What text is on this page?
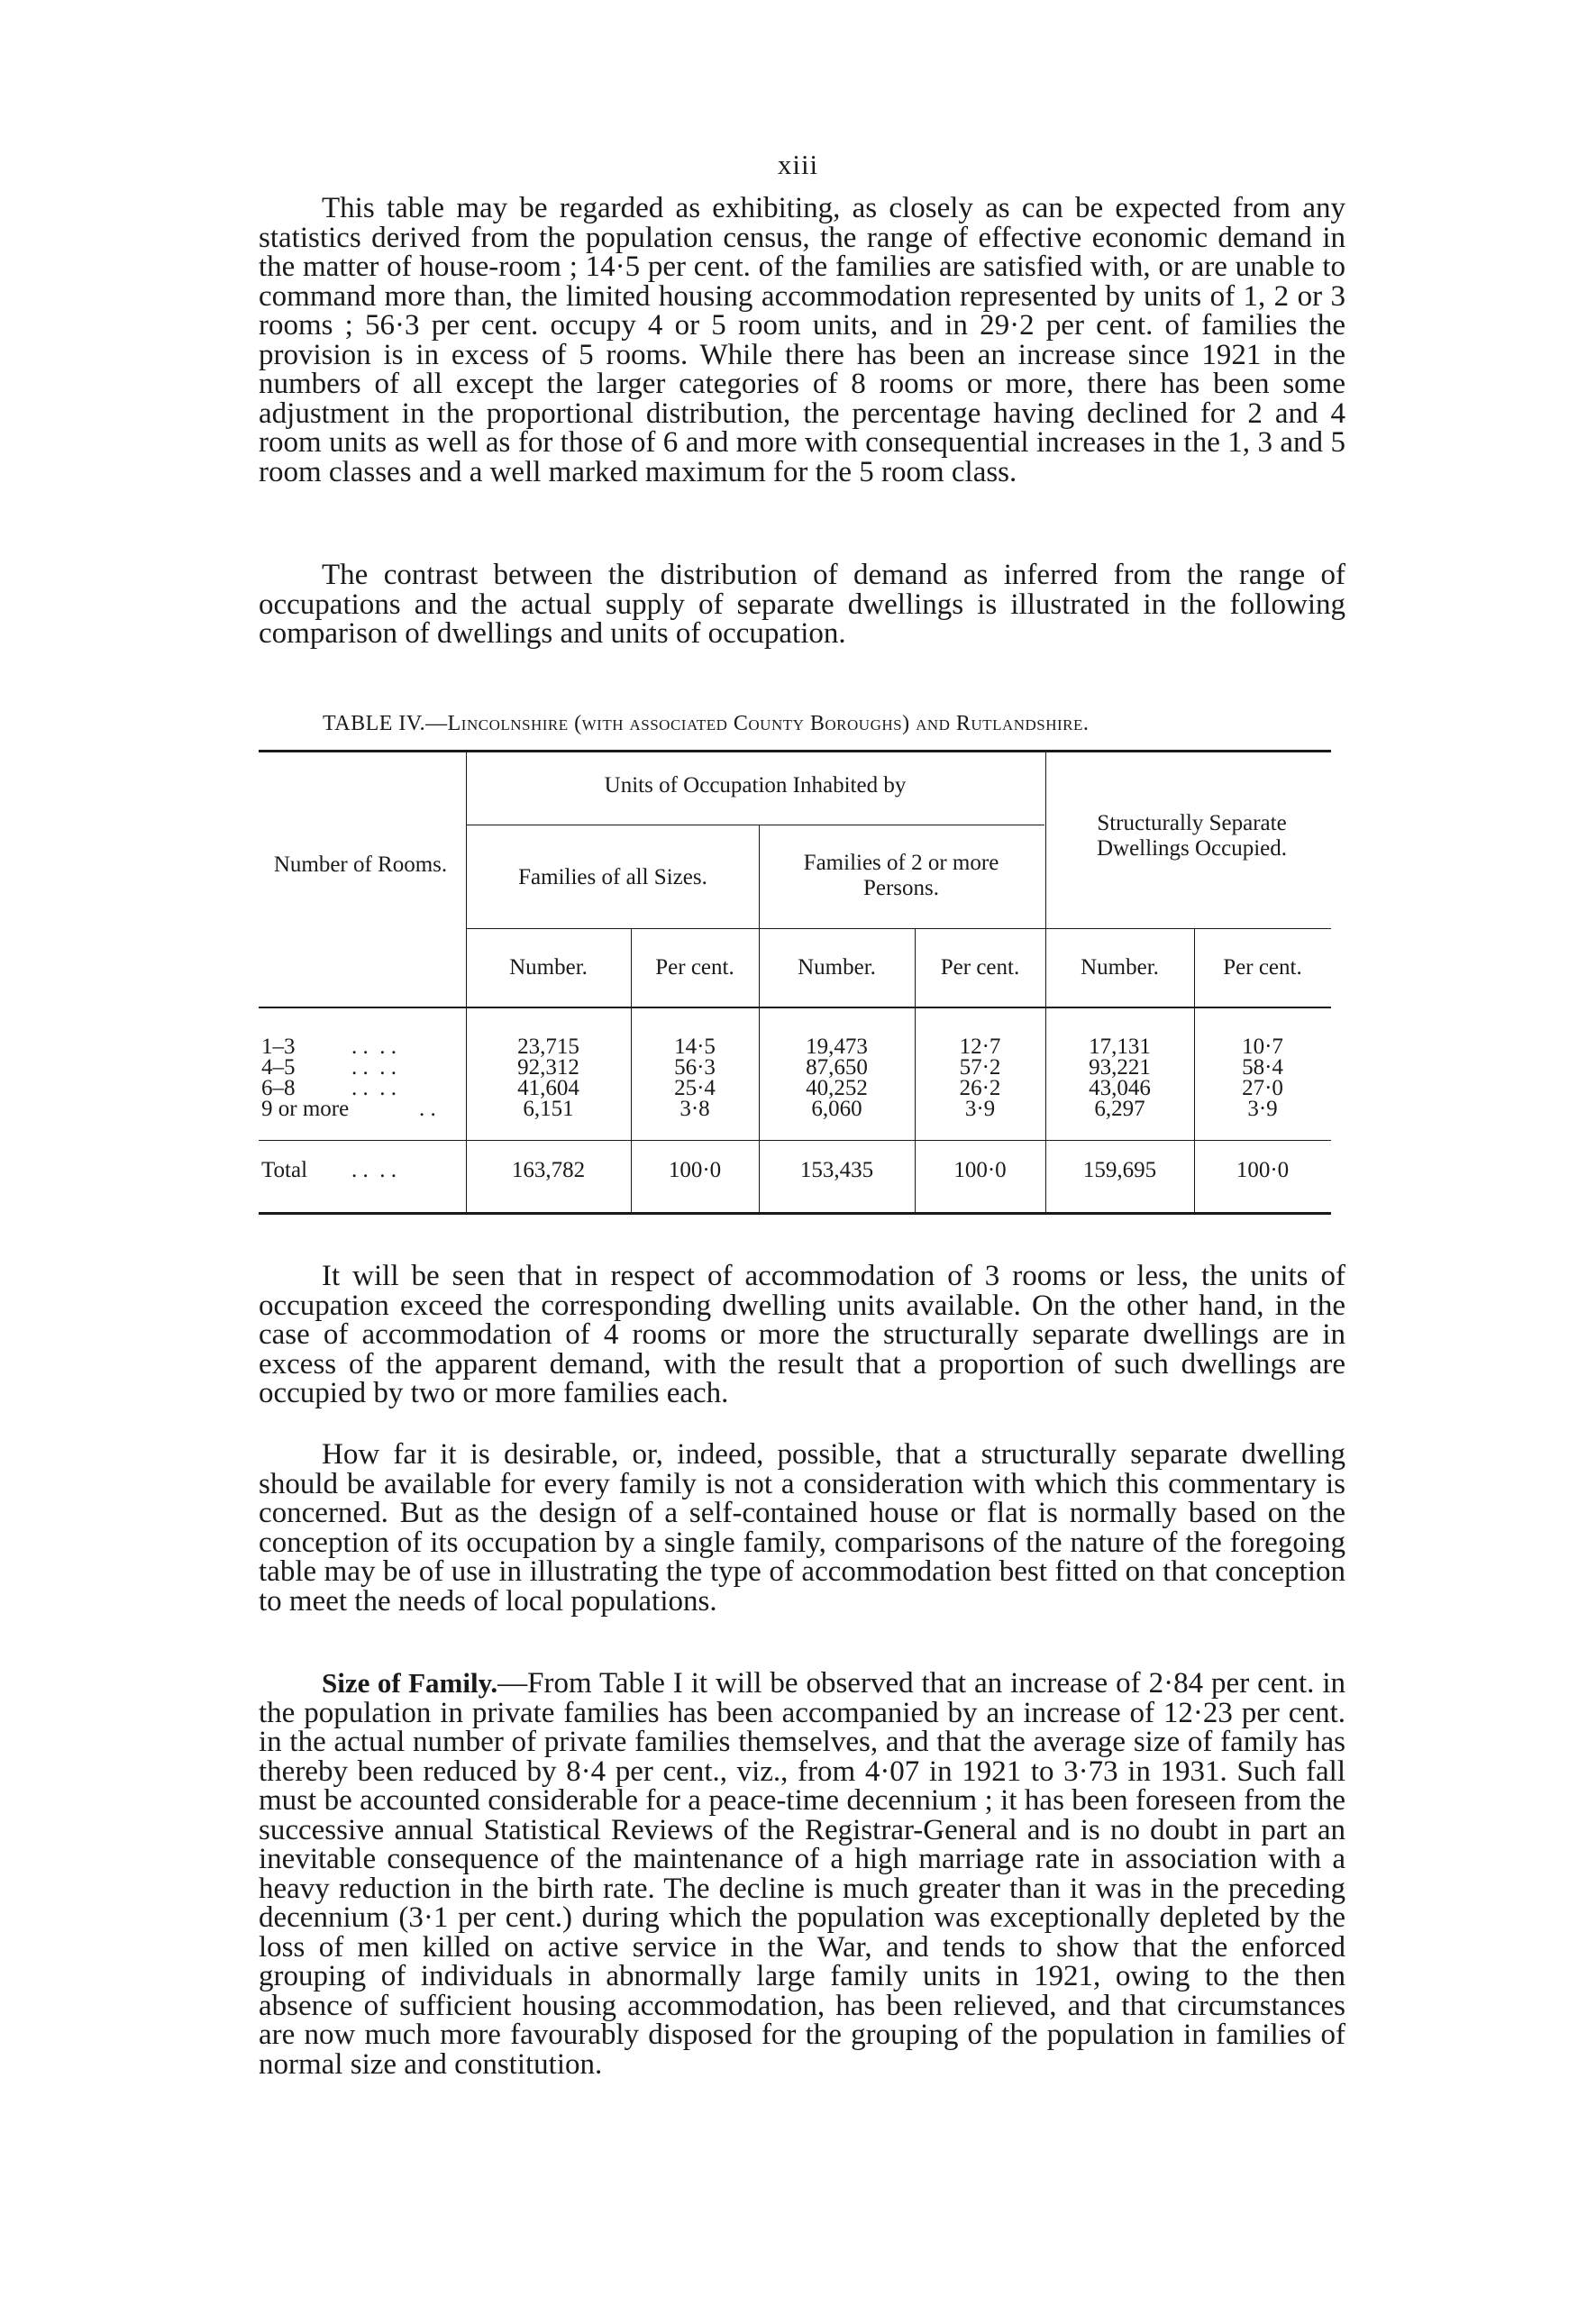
xiii

This table may be regarded as exhibiting, as closely as can be expected from any statistics derived from the population census, the range of effective economic demand in the matter of house-room ; 14·5 per cent. of the families are satisfied with, or are unable to command more than, the limited housing accommodation represented by units of 1, 2 or 3 rooms ; 56·3 per cent. occupy 4 or 5 room units, and in 29·2 per cent. of families the provision is in excess of 5 rooms. While there has been an increase since 1921 in the numbers of all except the larger categories of 8 rooms or more, there has been some adjustment in the proportional distribution, the percentage having declined for 2 and 4 room units as well as for those of 6 and more with consequential increases in the 1, 3 and 5 room classes and a well marked maximum for the 5 room class.

The contrast between the distribution of demand as inferred from the range of occupations and the actual supply of separate dwellings is illustrated in the following comparison of dwellings and units of occupation.

TABLE IV.—Lincolnshire (with associated County Boroughs) and Rutlandshire.
Number of Rooms.
Units of Occupation Inhabited by
Families of all Sizes.
Families of 2 or more Persons.
Structurally Separate Dwellings Occupied.
Number.	Per cent.	Number.	Per cent.	Number.	Per cent.
1–3	. .  . .	23,715	14·5	19,473	12·7	17,131	10·7
4–5	. .  . .	92,312	56·3	87,650	57·2	93,221	58·4
6–8	. .  . .	41,604	25·4	40,252	26·2	43,046	27·0
9 or more	. .	6,151	3·8	6,060	3·9	6,297	3·9
Total	. .  . .	163,782	100·0	153,435	100·0	159,695	100·0

It will be seen that in respect of accommodation of 3 rooms or less, the units of occupation exceed the corresponding dwelling units available. On the other hand, in the case of accommodation of 4 rooms or more the structurally separate dwellings are in excess of the apparent demand, with the result that a proportion of such dwellings are occupied by two or more families each.

How far it is desirable, or, indeed, possible, that a structurally separate dwelling should be available for every family is not a consideration with which this commentary is concerned. But as the design of a self-contained house or flat is normally based on the conception of its occupation by a single family, comparisons of the nature of the foregoing table may be of use in illustrating the type of accommodation best fitted on that conception to meet the needs of local populations.

Size of Family.—From Table I it will be observed that an increase of 2·84 per cent. in the population in private families has been accompanied by an increase of 12·23 per cent. in the actual number of private families themselves, and that the average size of family has thereby been reduced by 8·4 per cent., viz., from 4·07 in 1921 to 3·73 in 1931. Such fall must be accounted considerable for a peace-time decennium ; it has been foreseen from the successive annual Statistical Reviews of the Registrar-General and is no doubt in part an inevitable consequence of the maintenance of a high marriage rate in association with a heavy reduction in the birth rate. The decline is much greater than it was in the preceding decennium (3·1 per cent.) during which the population was exceptionally depleted by the loss of men killed on active service in the War, and tends to show that the enforced grouping of individuals in abnormally large family units in 1921, owing to the then absence of sufficient housing accommodation, has been relieved, and that circumstances are now much more favourably disposed for the grouping of the population in families of normal size and constitution.
